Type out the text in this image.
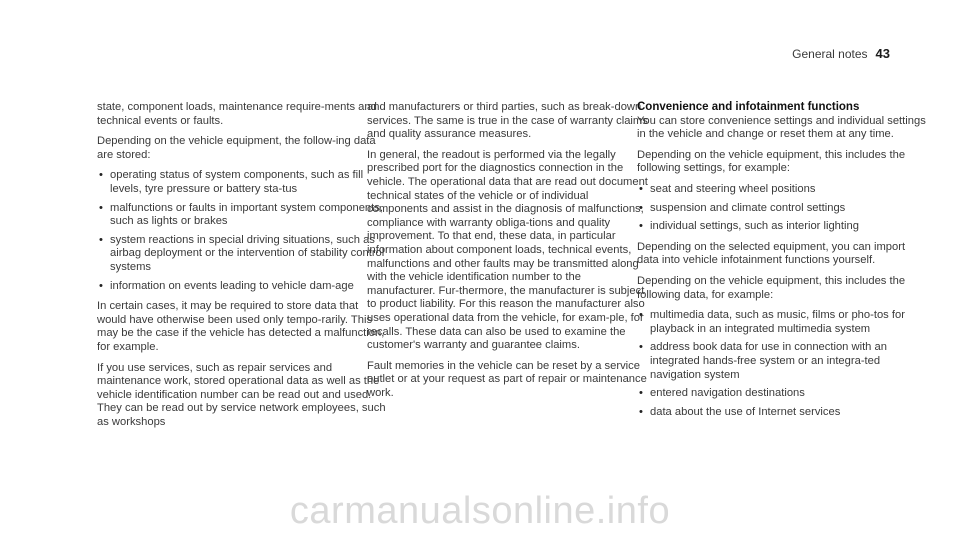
General notes 43

state, component loads, maintenance require-ments and technical events or faults.

Depending on the vehicle equipment, the follow-ing data are stored:

• operating status of system components, such as fill levels, tyre pressure or battery sta-tus
• malfunctions or faults in important system components, such as lights or brakes
• system reactions in special driving situations, such as airbag deployment or the intervention of stability control systems
• information on events leading to vehicle dam-age

In certain cases, it may be required to store data that would have otherwise been used only tempo-rarily. This may be the case if the vehicle has detected a malfunction, for example.

If you use services, such as repair services and maintenance work, stored operational data as well as the vehicle identification number can be read out and used. They can be read out by service network employees, such as workshops

and manufacturers or third parties, such as break-down services. The same is true in the case of warranty claims and quality assurance measures.

In general, the readout is performed via the legally prescribed port for the diagnostics connection in the vehicle. The operational data that are read out document technical states of the vehicle or of individual components and assist in the diagnosis of malfunctions, compliance with warranty obliga-tions and quality improvement. To that end, these data, in particular information about component loads, technical events, malfunctions and other faults may be transmitted along with the vehicle identification number to the manufacturer. Fur-thermore, the manufacturer is subject to product liability. For this reason the manufacturer also uses operational data from the vehicle, for exam-ple, for recalls. These data can also be used to examine the customer's warranty and guarantee claims.

Fault memories in the vehicle can be reset by a service outlet or at your request as part of repair or maintenance work.

Convenience and infotainment functions

You can store convenience settings and individual settings in the vehicle and change or reset them at any time.

Depending on the vehicle equipment, this includes the following settings, for example:

• seat and steering wheel positions
• suspension and climate control settings
• individual settings, such as interior lighting

Depending on the selected equipment, you can import data into vehicle infotainment functions yourself.

Depending on the vehicle equipment, this includes the following data, for example:

• multimedia data, such as music, films or pho-tos for playback in an integrated multimedia system
• address book data for use in connection with an integrated hands-free system or an integra-ted navigation system
• entered navigation destinations
• data about the use of Internet services
carmanualsonline.info
